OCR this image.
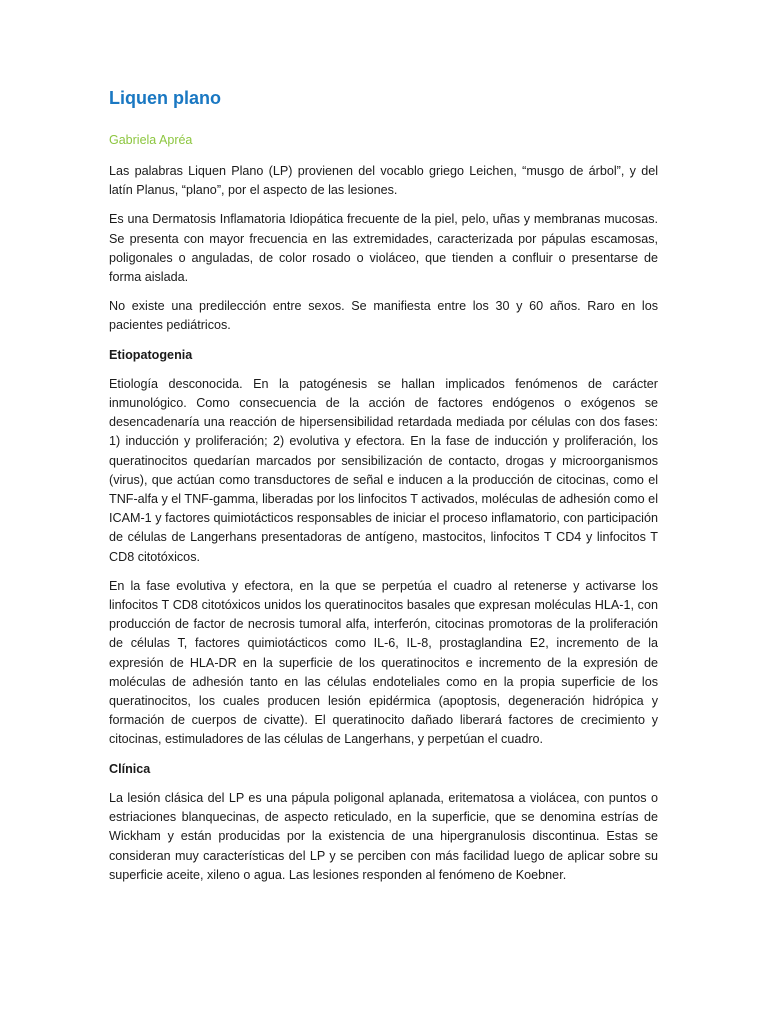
Liquen plano
Gabriela Apréa

Las palabras Liquen Plano (LP) provienen del vocablo griego Leichen, “musgo de árbol”, y del latín Planus, “plano”, por el aspecto de las lesiones.

Es una Dermatosis Inflamatoria Idiopática frecuente de la piel, pelo, uñas y membranas mucosas. Se presenta con mayor frecuencia en las extremidades, caracterizada por pápulas escamosas, poligonales o anguladas, de color rosado o violáceo, que tienden a confluir o presentarse de forma aislada.

No existe una predilección entre sexos. Se manifiesta entre los 30 y 60 años. Raro en los pacientes pediátricos.

Etiopatogenia

Etiología desconocida. En la patogénesis se hallan implicados fenómenos de carácter inmunológico. Como consecuencia de la acción de factores endógenos o exógenos se desencadenaría una reacción de hipersensibilidad retardada mediada por células con dos fases: 1) inducción y proliferación; 2) evolutiva y efectora. En la fase de inducción y proliferación, los queratinocitos quedarían marcados por sensibilización de contacto, drogas y microorganismos (virus), que actúan como transductores de señal e inducen a la producción de citocinas, como el TNF-alfa y el TNF-gamma, liberadas por los linfocitos T activados, moléculas de adhesión como el ICAM-1 y factores quimiotácticos responsables de iniciar el proceso inflamatorio, con participación de células de Langerhans presentadoras de antígeno, mastocitos, linfocitos T CD4 y linfocitos T CD8 citotóxicos.

En la fase evolutiva y efectora, en la que se perpetúa el cuadro al retenerse y activarse los linfocitos T CD8 citotóxicos unidos los queratinocitos basales que expresan moléculas HLA-1, con producción de factor de necrosis tumoral alfa, interferón, citocinas promotoras de la proliferación de células T, factores quimiotácticos como IL-6, IL-8, prostaglandina E2, incremento de la expresión de HLA-DR en la superficie de los queratinocitos e incremento de la expresión de moléculas de adhesión tanto en las células endoteliales como en la propia superficie de los queratinocitos, los cuales producen lesión epidérmica (apoptosis, degeneración hidrópica y formación de cuerpos de civatte). El queratinocito dañado liberará factores de crecimiento y citocinas, estimuladores de las células de Langerhans, y perpetúan el cuadro.

Clínica

La lesión clásica del LP es una pápula poligonal aplanada, eritematosa a violácea, con puntos o estriaciones blanquecinas, de aspecto reticulado, en la superficie, que se denomina estrías de Wickham y están producidas por la existencia de una hipergranulosis discontinua. Estas se consideran muy características del LP y se perciben con más facilidad luego de aplicar sobre su superficie aceite, xileno o agua. Las lesiones responden al fenómeno de Koebner.
